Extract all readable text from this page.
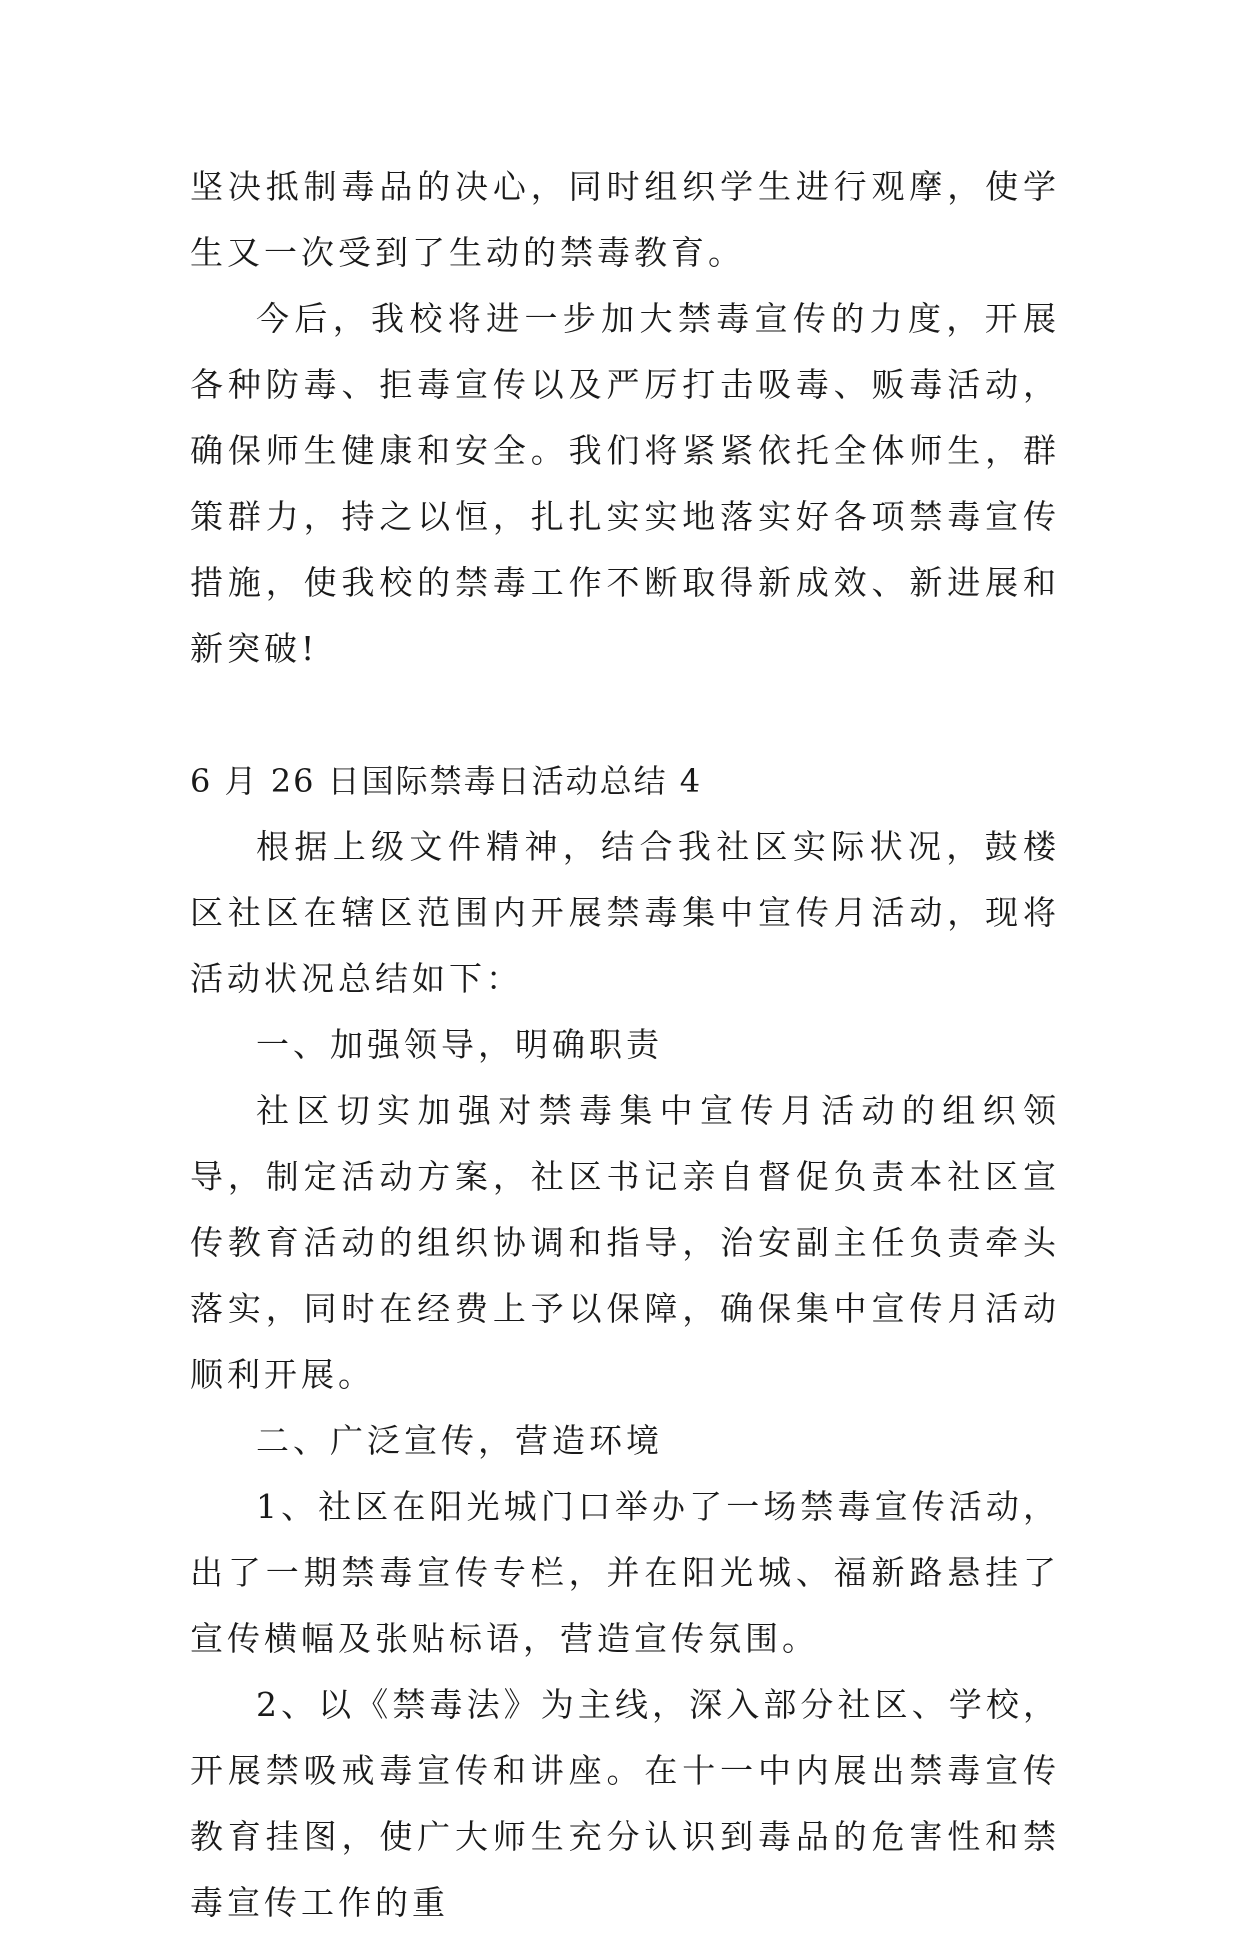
坚决抵制毒品的决心，同时组织学生进行观摩，使学生又一次受到了生动的禁毒教育。

今后，我校将进一步加大禁毒宣传的力度，开展各种防毒、拒毒宣传以及严厉打击吸毒、贩毒活动，确保师生健康和安全。我们将紧紧依托全体师生，群策群力，持之以恒，扎扎实实地落实好各项禁毒宣传措施，使我校的禁毒工作不断取得新成效、新进展和新突破!

6 月 26 日国际禁毒日活动总结 4

根据上级文件精神，结合我社区实际状况，鼓楼区社区在辖区范围内开展禁毒集中宣传月活动，现将活动状况总结如下：

一、加强领导，明确职责

社区切实加强对禁毒集中宣传月活动的组织领导，制定活动方案，社区书记亲自督促负责本社区宣传教育活动的组织协调和指导，治安副主任负责牵头落实，同时在经费上予以保障，确保集中宣传月活动顺利开展。

二、广泛宣传，营造环境

1、社区在阳光城门口举办了一场禁毒宣传活动，出了一期禁毒宣传专栏，并在阳光城、福新路悬挂了宣传横幅及张贴标语，营造宣传氛围。

2、以《禁毒法》为主线，深入部分社区、学校，开展禁吸戒毒宣传和讲座。在十一中内展出禁毒宣传教育挂图，使广大师生充分认识到毒品的危害性和禁毒宣传工作的重
